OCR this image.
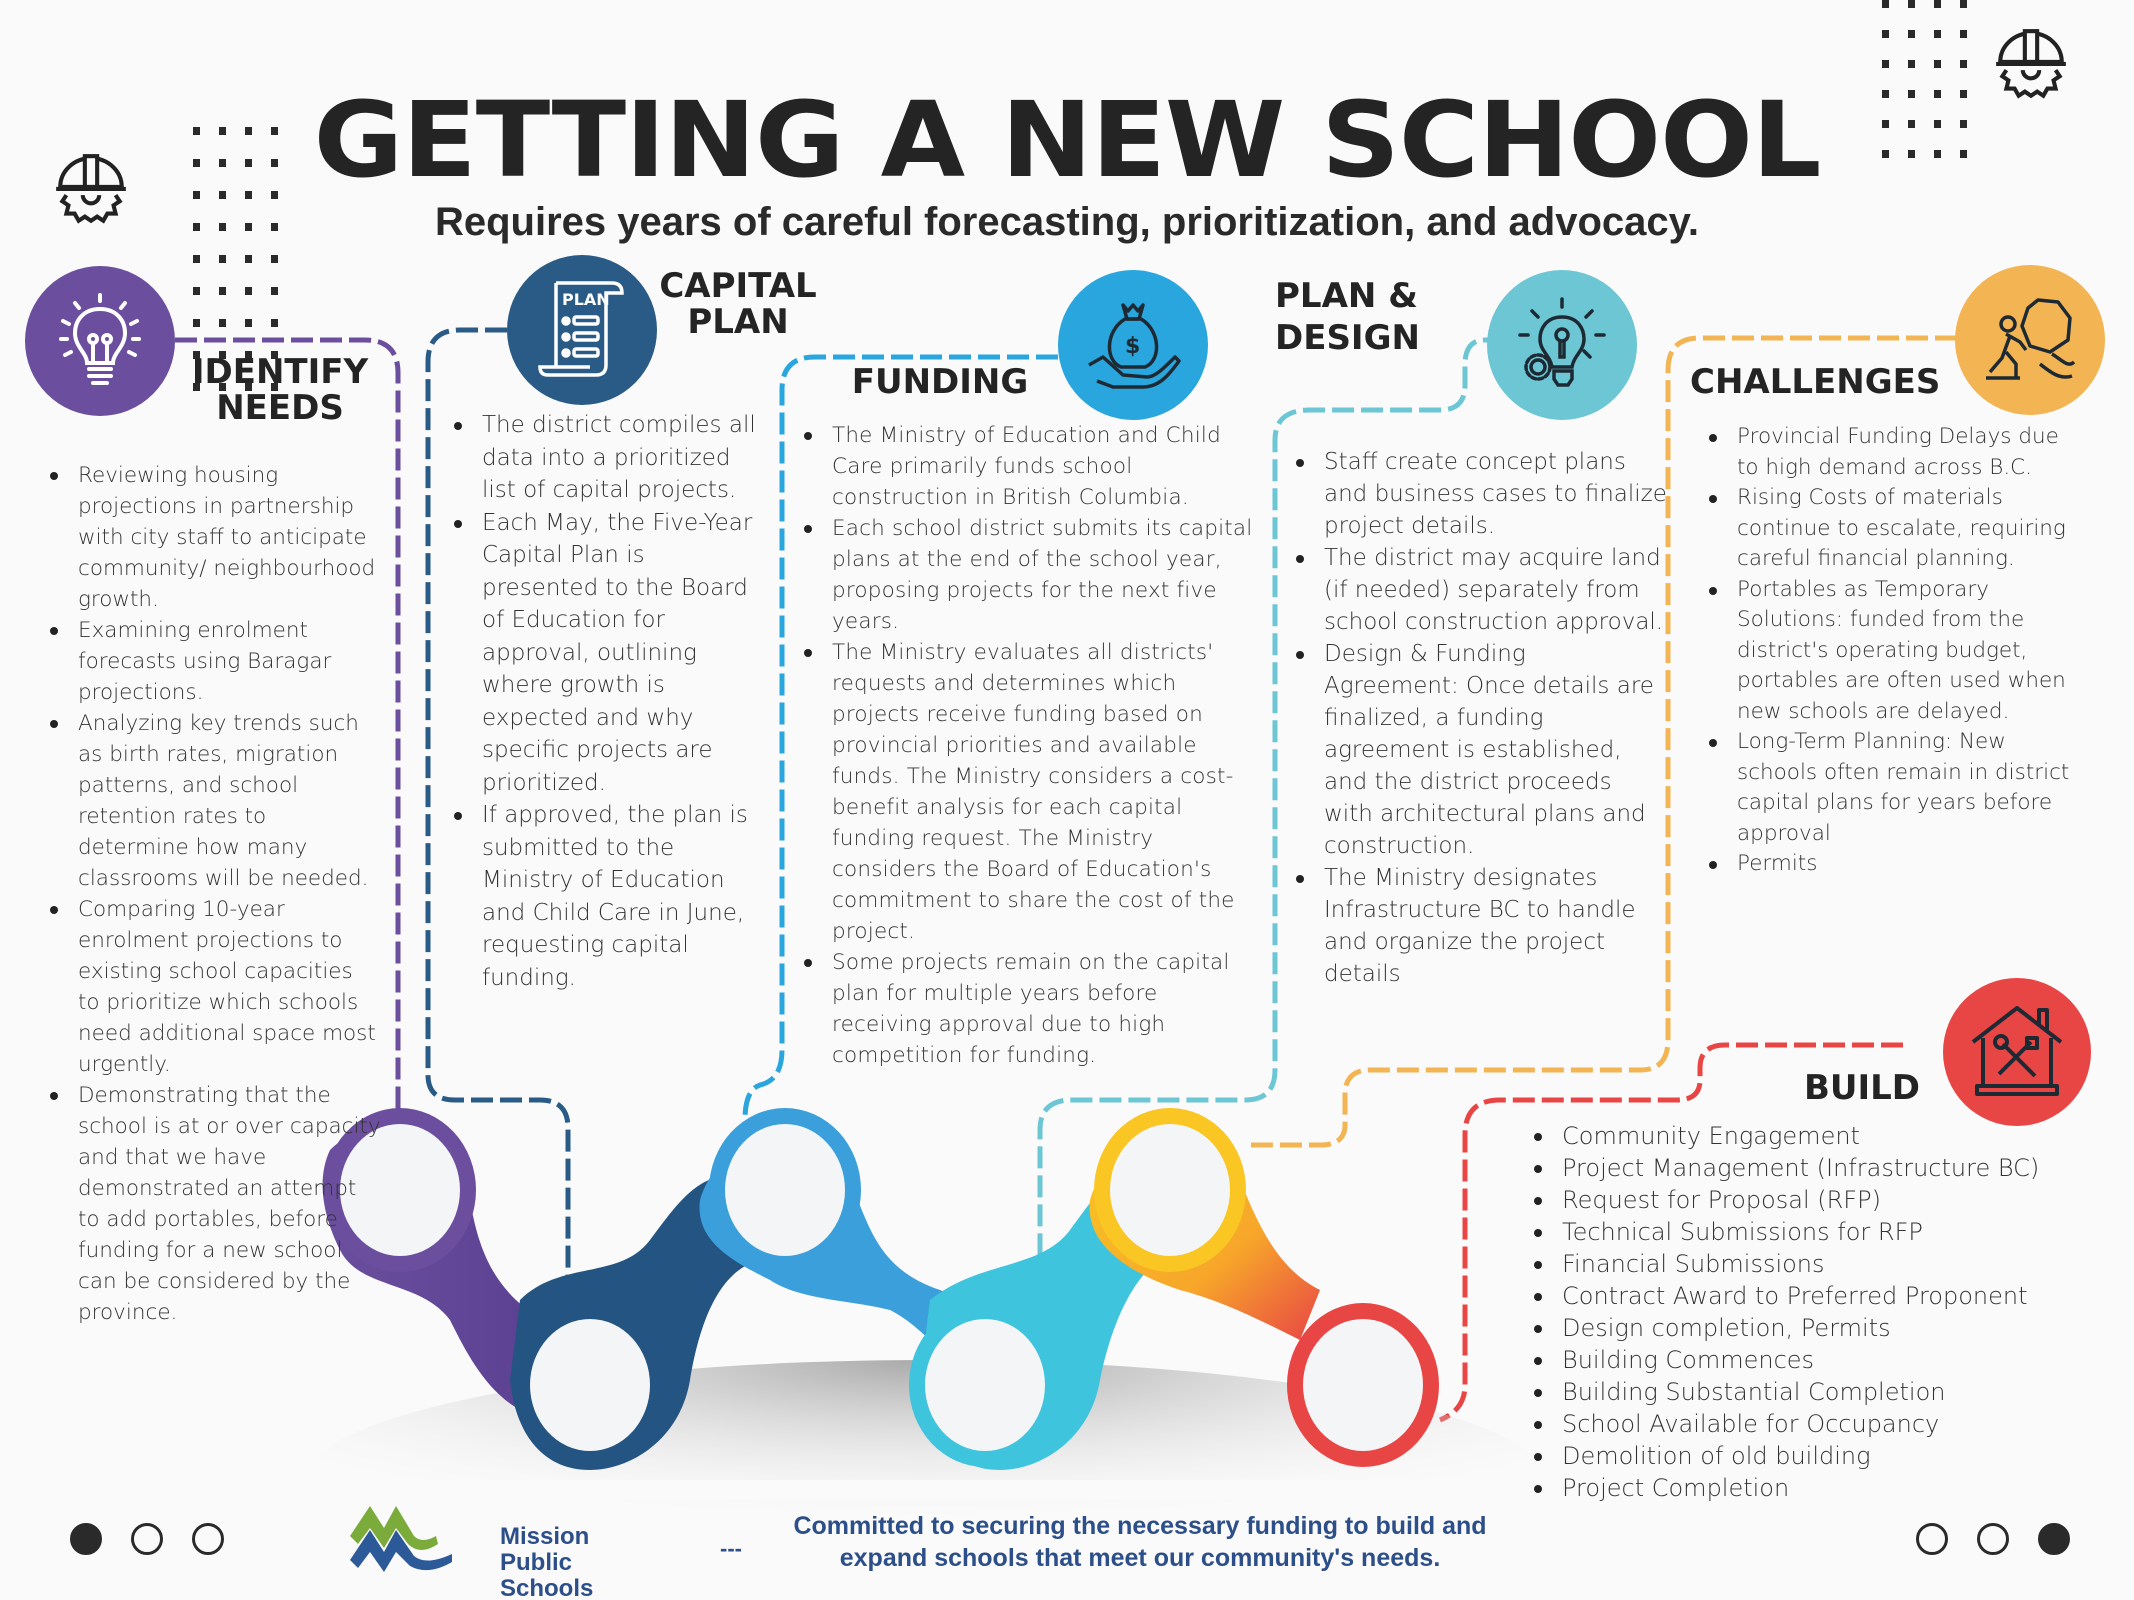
GETTING A NEW SCHOOL
Requires years of careful forecasting, prioritization, and advocacy.
IDENTIFY
NEEDS
Reviewing housing projections in partnership with city staff to anticipate community/ neighbourhood growth.
Examining enrolment forecasts using Baragar projections.
Analyzing key trends such as birth rates, migration patterns, and school retention rates to determine how many classrooms will be needed.
Comparing 10-year enrolment projections to existing school capacities to prioritize which schools need additional space most urgently.
Demonstrating that the school is at or over capacity and that we have demonstrated an attempt to add portables, before funding for a new school can be considered by the province.
PLAN	CAPITAL
PLAN
The district compiles all data into a prioritized list of capital projects.
Each May, the Five-Year Capital Plan is presented to the Board of Education for approval, outlining where growth is expected and why specific projects are prioritized.
If approved, the plan is submitted to the Ministry of Education and Child Care in June, requesting capital funding.
$
FUNDING
The Ministry of Education and Child Care primarily funds school construction in British Columbia.
Each school district submits its capital plans at the end of the school year, proposing projects for the next five years.
The Ministry evaluates all districts' requests and determines which projects receive funding based on provincial priorities and available funds. The Ministry considers a cost-benefit analysis for each capital funding request. The Ministry considers the Board of Education's commitment to share the cost of the project.
Some projects remain on the capital plan for multiple years before receiving approval due to high competition for funding.
PLAN &
DESIGN
Staff create concept plans and business cases to finalize project details.
The district may acquire land (if needed) separately from school construction approval.
Design & Funding Agreement: Once details are finalized, a funding agreement is established, and the district proceeds with architectural plans and construction.
The Ministry designates Infrastructure BC to handle and organize the project details
CHALLENGES
Provincial Funding Delays due to high demand across B.C.
Rising Costs of materials continue to escalate, requiring careful financial planning.
Portables as Temporary Solutions: funded from the district's operating budget, portables are often used when new schools are delayed.
Long-Term Planning: New schools often remain in district capital plans for years before approval
Permits
BUILD
Community Engagement
Project Management (Infrastructure BC)
Request for Proposal (RFP)
Technical Submissions for RFP
Financial Submissions
Contract Award to Preferred Proponent
Design completion, Permits
Building Commences
Building Substantial Completion
School Available for Occupancy
Demolition of old building
Project Completion
Mission
Public Schools
---
Committed to securing the necessary funding to build and
expand schools that meet our community's needs.
